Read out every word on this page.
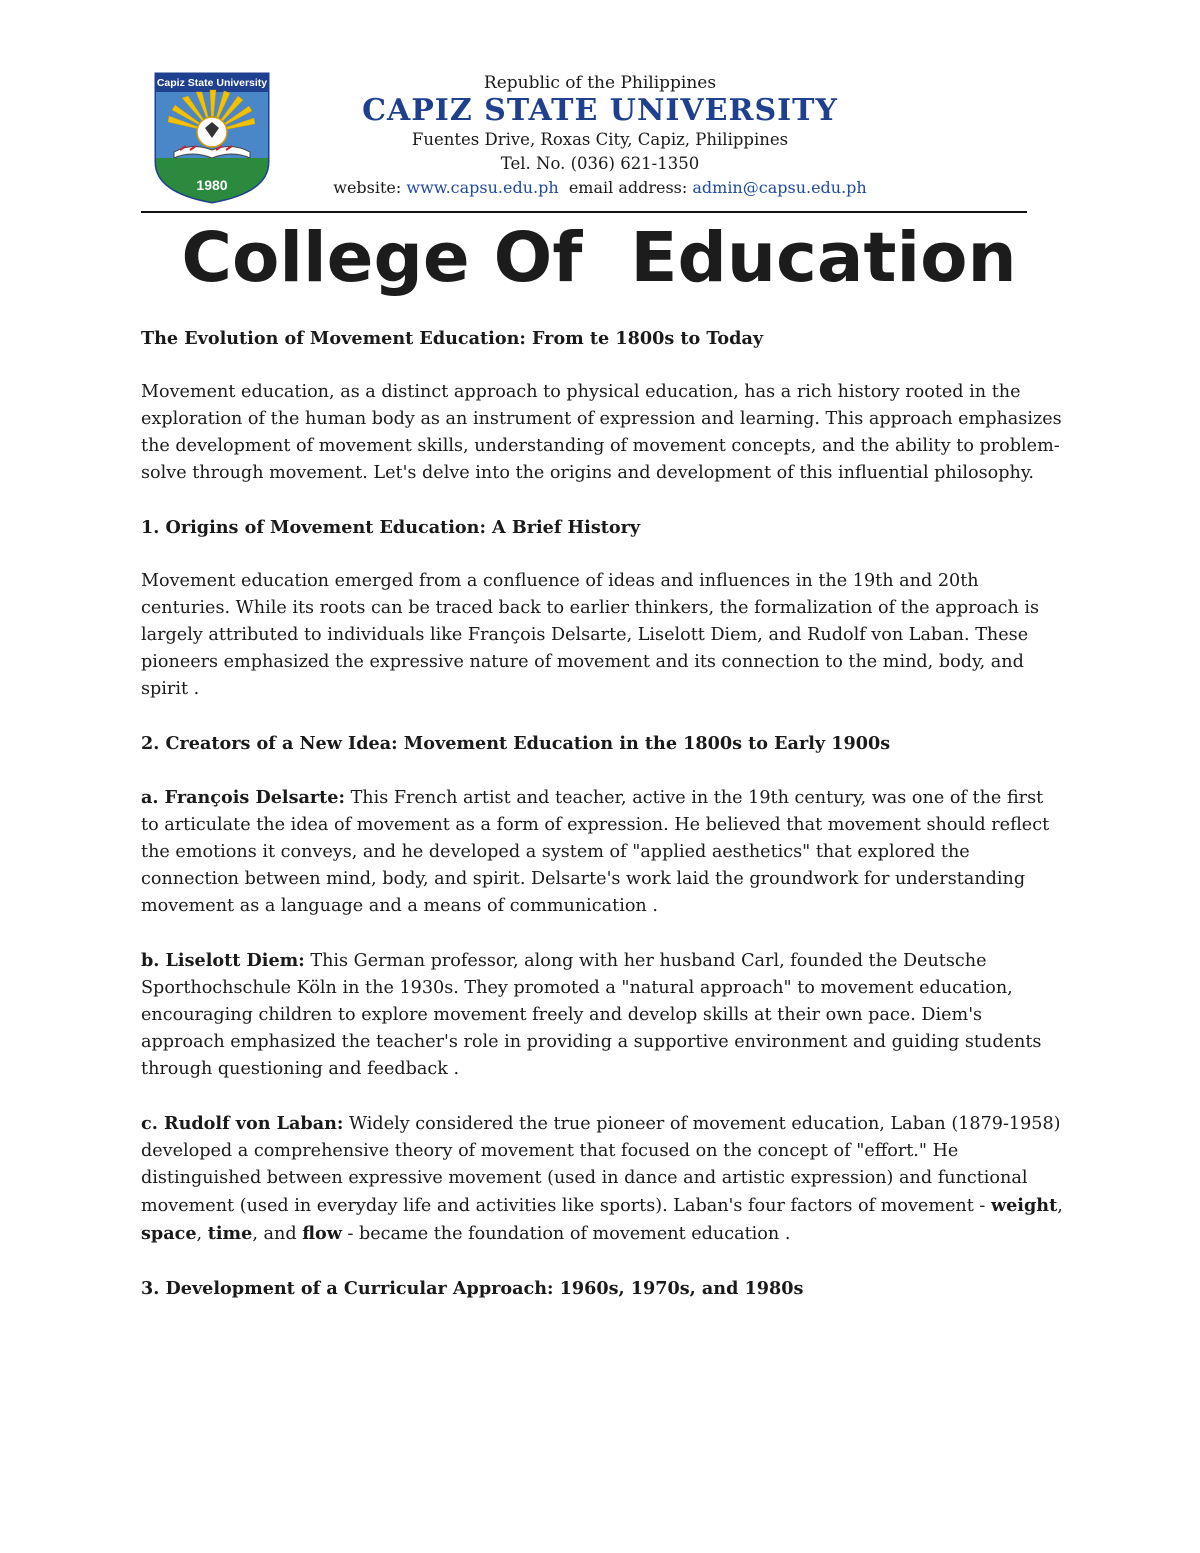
Capiz State University
1980
Republic of the Philippines
CAPIZ STATE UNIVERSITY
Fuentes Drive, Roxas City, Capiz, Philippines
Tel. No. (036) 621-1350
website: www.capsu.edu.ph email address: admin@capsu.edu.ph
College Of  Education

The Evolution of Movement Education: From te 1800s to Today

Movement education, as a distinct approach to physical education, has a rich history rooted in the exploration of the human body as an instrument of expression and learning. This approach emphasizes the development of movement skills, understanding of movement concepts, and the ability to problem-solve through movement. Let's delve into the origins and development of this influential philosophy.

1. Origins of Movement Education: A Brief History

Movement education emerged from a confluence of ideas and influences in the 19th and 20th centuries. While its roots can be traced back to earlier thinkers, the formalization of the approach is largely attributed to individuals like François Delsarte, Liselott Diem, and Rudolf von Laban. These pioneers emphasized the expressive nature of movement and its connection to the mind, body, and spirit .

2. Creators of a New Idea: Movement Education in the 1800s to Early 1900s

a. François Delsarte: This French artist and teacher, active in the 19th century, was one of the first to articulate the idea of movement as a form of expression. He believed that movement should reflect the emotions it conveys, and he developed a system of "applied aesthetics" that explored the connection between mind, body, and spirit. Delsarte's work laid the groundwork for understanding movement as a language and a means of communication .

b. Liselott Diem: This German professor, along with her husband Carl, founded the Deutsche Sporthochschule Köln in the 1930s. They promoted a "natural approach" to movement education, encouraging children to explore movement freely and develop skills at their own pace. Diem's approach emphasized the teacher's role in providing a supportive environment and guiding students through questioning and feedback .

c. Rudolf von Laban: Widely considered the true pioneer of movement education, Laban (1879-1958) developed a comprehensive theory of movement that focused on the concept of "effort." He distinguished between expressive movement (used in dance and artistic expression) and functional movement (used in everyday life and activities like sports). Laban's four factors of movement - weight, space, time, and flow - became the foundation of movement education .

3. Development of a Curricular Approach: 1960s, 1970s, and 1980s
